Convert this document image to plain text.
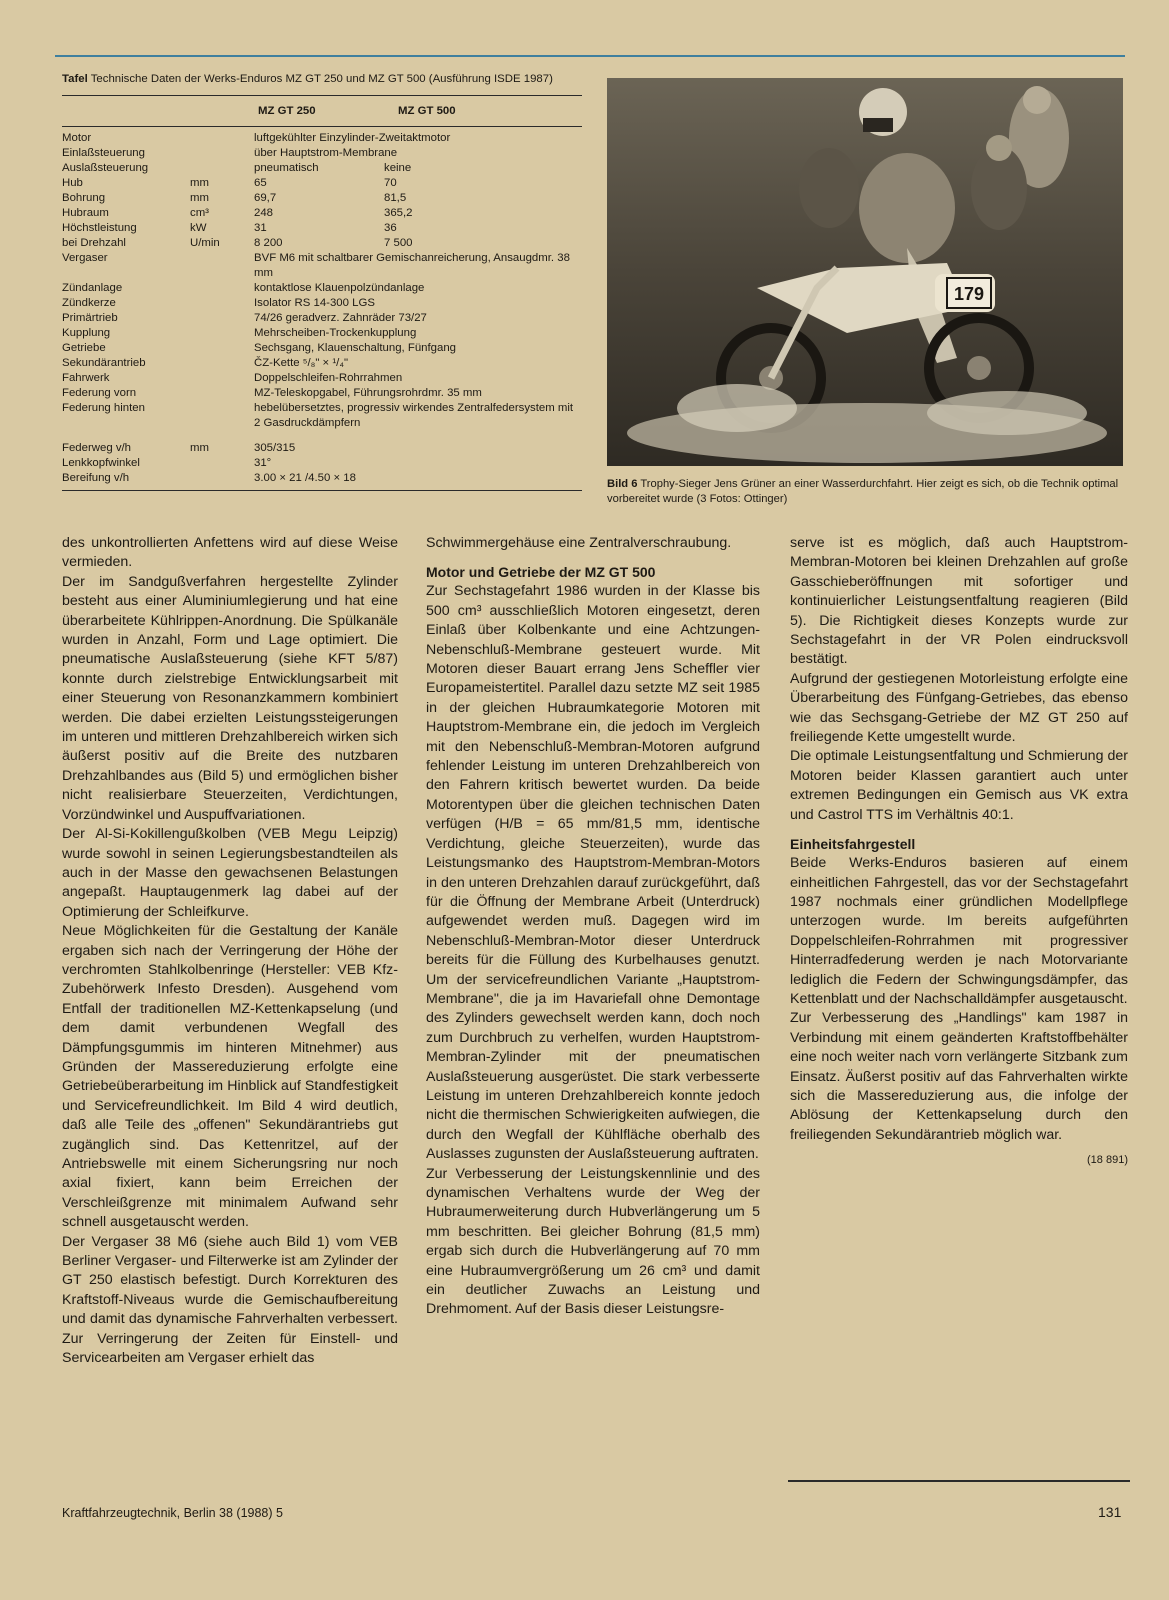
Tafel Technische Daten der Werks-Enduros MZ GT 250 und MZ GT 500 (Ausführung ISDE 1987)
MZ GT 250	MZ GT 500
Motor	luftgekühlter Einzylinder-Zweitaktmotor
Einlaßsteuerung	über Hauptstrom-Membrane
Auslaßsteuerung	pneumatisch	keine
Hub	mm	65	70
Bohrung	mm	69,7	81,5
Hubraum	cm³	248	365,2
Höchstleistung	kW	31	36
bei Drehzahl	U/min	8 200	7 500
Vergaser	BVF M6 mit schaltbarer Gemischanreicherung, Ansaugdmr. 38 mm
Zündanlage	kontaktlose Klauenpolzündanlage
Zündkerze	Isolator RS 14-300 LGS
Primärtrieb	74/26 geradverz. Zahnräder 73/27
Kupplung	Mehrscheiben-Trockenkupplung
Getriebe	Sechsgang, Klauenschaltung, Fünfgang
Sekundärantrieb	ČZ-Kette ⁵/₈" × ¹/₄"
Fahrwerk	Doppelschleifen-Rohrrahmen
Federung vorn	MZ-Teleskopgabel, Führungsrohrdmr. 35 mm
Federung hinten	hebelübersetztes, progressiv wirkendes Zentralfedersystem mit 2 Gasdruckdämpfern
Federweg v/h	mm	305/315
Lenkkopfwinkel	31°
Bereifung v/h	3.00 × 21 /4.50 × 18
179
Bild 6 Trophy-Sieger Jens Grüner an einer Wasserdurchfahrt. Hier zeigt es sich, ob die Technik optimal vorbereitet wurde (3 Fotos: Ottinger)

des unkontrollierten Anfettens wird auf diese Weise vermieden.

Der im Sandgußverfahren hergestellte Zylinder besteht aus einer Aluminiumlegierung und hat eine überarbeitete Kühlrippen-Anordnung. Die Spülkanäle wurden in Anzahl, Form und Lage optimiert. Die pneumatische Auslaßsteuerung (siehe KFT 5/87) konnte durch zielstrebige Entwicklungsarbeit mit einer Steuerung von Resonanzkammern kombiniert werden. Die dabei erzielten Leistungssteigerungen im unteren und mittleren Drehzahlbereich wirken sich äußerst positiv auf die Breite des nutzbaren Drehzahlbandes aus (Bild 5) und ermöglichen bisher nicht realisierbare Steuerzeiten, Verdichtungen, Vorzündwinkel und Auspuffvariationen.

Der Al-Si-Kokillengußkolben (VEB Megu Leipzig) wurde sowohl in seinen Legierungsbestandteilen als auch in der Masse den gewachsenen Belastungen angepaßt. Hauptaugenmerk lag dabei auf der Optimierung der Schleifkurve.

Neue Möglichkeiten für die Gestaltung der Kanäle ergaben sich nach der Verringerung der Höhe der verchromten Stahlkolbenringe (Hersteller: VEB Kfz-Zubehörwerk Infesto Dresden). Ausgehend vom Entfall der traditionellen MZ-Kettenkapselung (und dem damit verbundenen Wegfall des Dämpfungsgummis im hinteren Mitnehmer) aus Gründen der Massereduzierung erfolgte eine Getriebeüberarbeitung im Hinblick auf Standfestigkeit und Servicefreundlichkeit. Im Bild 4 wird deutlich, daß alle Teile des „offenen" Sekundärantriebs gut zugänglich sind. Das Kettenritzel, auf der Antriebswelle mit einem Sicherungsring nur noch axial fixiert, kann beim Erreichen der Verschleißgrenze mit minimalem Aufwand sehr schnell ausgetauscht werden.

Der Vergaser 38 M6 (siehe auch Bild 1) vom VEB Berliner Vergaser- und Filterwerke ist am Zylinder der GT 250 elastisch befestigt. Durch Korrekturen des Kraftstoff-Niveaus wurde die Gemischaufbereitung und damit das dynamische Fahrverhalten verbessert. Zur Verringerung der Zeiten für Einstell- und Servicearbeiten am Vergaser erhielt das

Schwimmergehäuse eine Zentralverschraubung.

Motor und Getriebe der MZ GT 500

Zur Sechstagefahrt 1986 wurden in der Klasse bis 500 cm³ ausschließlich Motoren eingesetzt, deren Einlaß über Kolbenkante und eine Achtzungen-Nebenschluß-Membrane gesteuert wurde. Mit Motoren dieser Bauart errang Jens Scheffler vier Europameistertitel. Parallel dazu setzte MZ seit 1985 in der gleichen Hubraumkategorie Motoren mit Hauptstrom-Membrane ein, die jedoch im Vergleich mit den Nebenschluß-Membran-Motoren aufgrund fehlender Leistung im unteren Drehzahlbereich von den Fahrern kritisch bewertet wurden. Da beide Motorentypen über die gleichen technischen Daten verfügen (H/B = 65 mm/81,5 mm, identische Verdichtung, gleiche Steuerzeiten), wurde das Leistungsmanko des Hauptstrom-Membran-Motors in den unteren Drehzahlen darauf zurückgeführt, daß für die Öffnung der Membrane Arbeit (Unterdruck) aufgewendet werden muß. Dagegen wird im Nebenschluß-Membran-Motor dieser Unterdruck bereits für die Füllung des Kurbelhauses genutzt. Um der servicefreundlichen Variante „Hauptstrom-Membrane", die ja im Havariefall ohne Demontage des Zylinders gewechselt werden kann, doch noch zum Durchbruch zu verhelfen, wurden Hauptstrom-Membran-Zylinder mit der pneumatischen Auslaßsteuerung ausgerüstet. Die stark verbesserte Leistung im unteren Drehzahlbereich konnte jedoch nicht die thermischen Schwierigkeiten aufwiegen, die durch den Wegfall der Kühlfläche oberhalb des Auslasses zugunsten der Auslaßsteuerung auftraten.

Zur Verbesserung der Leistungskennlinie und des dynamischen Verhaltens wurde der Weg der Hubraumerweiterung durch Hubverlängerung um 5 mm beschritten. Bei gleicher Bohrung (81,5 mm) ergab sich durch die Hubverlängerung auf 70 mm eine Hubraumvergrößerung um 26 cm³ und damit ein deutlicher Zuwachs an Leistung und Drehmoment. Auf der Basis dieser Leistungsre-

serve ist es möglich, daß auch Hauptstrom-Membran-Motoren bei kleinen Drehzahlen auf große Gasschieberöffnungen mit sofortiger und kontinuierlicher Leistungsentfaltung reagieren (Bild 5). Die Richtigkeit dieses Konzepts wurde zur Sechstagefahrt in der VR Polen eindrucksvoll bestätigt.

Aufgrund der gestiegenen Motorleistung erfolgte eine Überarbeitung des Fünfgang-Getriebes, das ebenso wie das Sechsgang-Getriebe der MZ GT 250 auf freiliegende Kette umgestellt wurde.

Die optimale Leistungsentfaltung und Schmierung der Motoren beider Klassen garantiert auch unter extremen Bedingungen ein Gemisch aus VK extra und Castrol TTS im Verhältnis 40:1.

Einheitsfahrgestell

Beide Werks-Enduros basieren auf einem einheitlichen Fahrgestell, das vor der Sechstagefahrt 1987 nochmals einer gründlichen Modellpflege unterzogen wurde. Im bereits aufgeführten Doppelschleifen-Rohrrahmen mit progressiver Hinterradfederung werden je nach Motorvariante lediglich die Federn der Schwingungsdämpfer, das Kettenblatt und der Nachschalldämpfer ausgetauscht.

Zur Verbesserung des „Handlings" kam 1987 in Verbindung mit einem geänderten Kraftstoffbehälter eine noch weiter nach vorn verlängerte Sitzbank zum Einsatz. Äußerst positiv auf das Fahrverhalten wirkte sich die Massereduzierung aus, die infolge der Ablösung der Kettenkapselung durch den freiliegenden Sekundärantrieb möglich war.

(18 891)
Kraftfahrzeugtechnik, Berlin 38 (1988) 5	131
